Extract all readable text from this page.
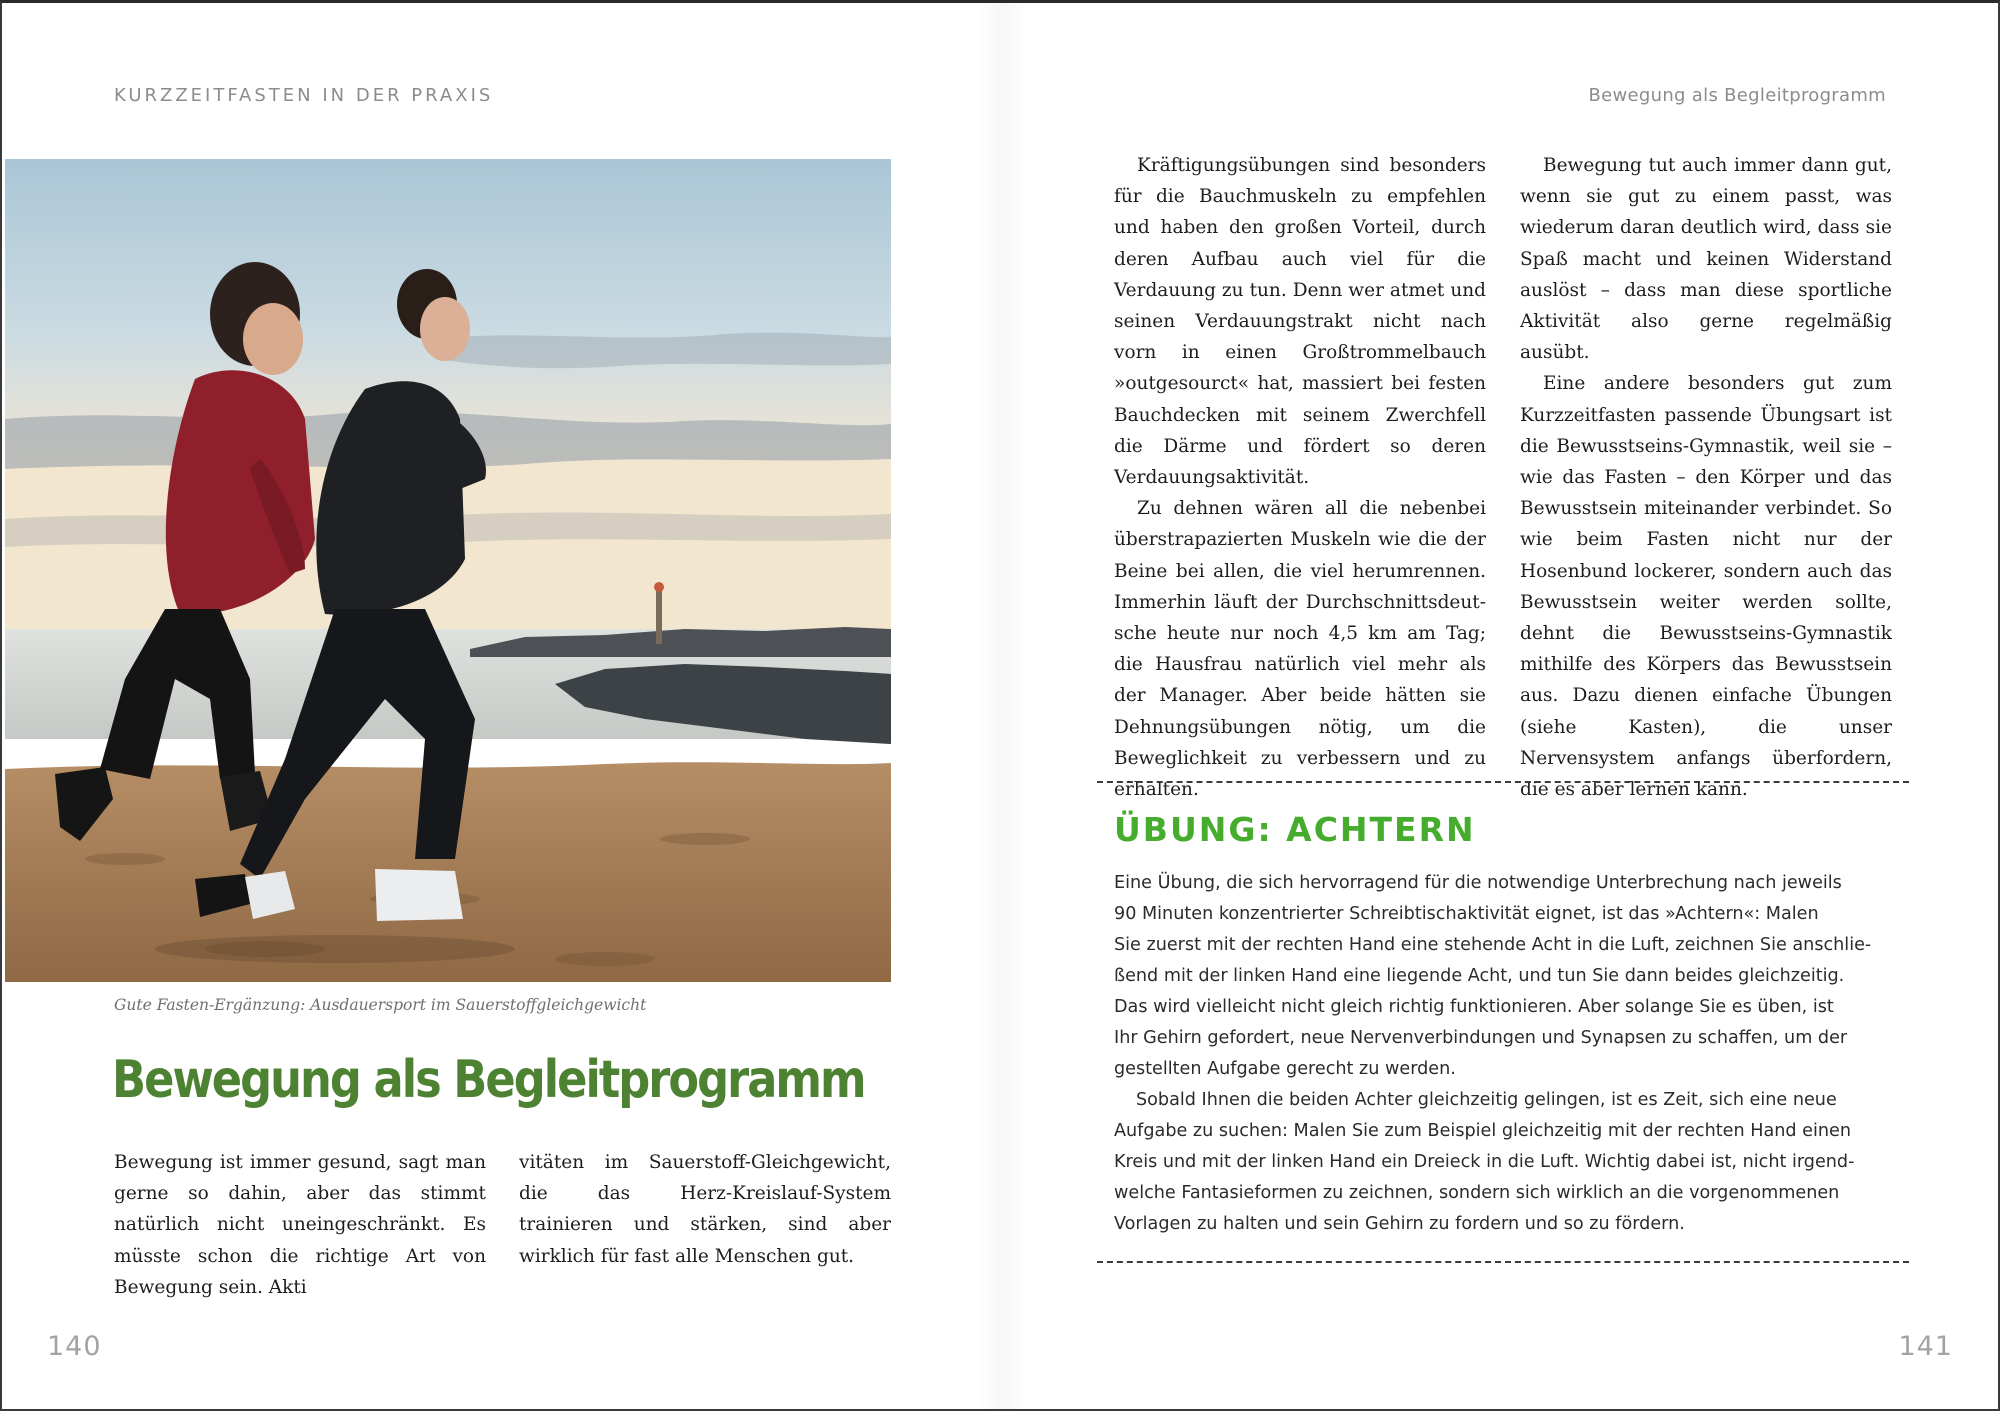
KURZZEITFASTEN IN DER PRAXIS
Gute Fasten-Ergänzung: Ausdauersport im Sauerstoffgleichgewicht
Bewegung als Begleitprogramm

Bewegung ist immer gesund, sagt man gerne so dahin, aber das stimmt natürlich nicht uneingeschränkt. Es müsste schon die richtige Art von Bewegung sein. Akti

vitäten im Sauerstoff-Gleichgewicht, die das Herz-Kreislauf-System trainieren und stärken, sind aber wirklich für fast alle Menschen gut.

140
Bewegung als Begleitprogramm

Kräftigungsübungen sind besonders für die Bauchmuskeln zu empfehlen und haben den großen Vorteil, durch deren Aufbau auch viel für die Verdauung zu tun. Denn wer atmet und seinen Verdauungstrakt nicht nach vorn in einen Großtrommelbauch »outgesourct« hat, massiert bei festen Bauchdecken mit seinem Zwerchfell die Därme und fördert so deren Verdauungsaktivität.

Zu dehnen wären all die nebenbei überstrapazierten Muskeln wie die der Beine bei allen, die viel herumrennen. Immerhin läuft der Durchschnittsdeutsche heute nur noch 4,5 km am Tag; die Hausfrau natürlich viel mehr als der Manager. Aber beide hätten sie Dehnungsübungen nötig, um die Beweglichkeit zu verbessern und zu erhalten.

Bewegung tut auch immer dann gut, wenn sie gut zu einem passt, was wiederum daran deutlich wird, dass sie Spaß macht und keinen Widerstand auslöst – dass man diese sportliche Aktivität also gerne regelmäßig ausübt.

Eine andere besonders gut zum Kurzzeitfasten passende Übungsart ist die Bewusstseins-Gymnastik, weil sie – wie das Fasten – den Körper und das Bewusstsein miteinander verbindet. So wie beim Fasten nicht nur der Hosenbund lockerer, sondern auch das Bewusstsein weiter werden sollte, dehnt die Bewusstseins-Gymnastik mithilfe des Körpers das Bewusstsein aus. Dazu dienen einfache Übungen (siehe Kasten), die unser Nervensystem anfangs überfordern, die es aber lernen kann.

ÜBUNG: ACHTERN

Eine Übung, die sich hervorragend für die notwendige Unterbrechung nach jeweils
90 Minuten konzentrierter Schreibtischaktivität eignet, ist das »Achtern«: Malen
Sie zuerst mit der rechten Hand eine stehende Acht in die Luft, zeichnen Sie anschlie-
ßend mit der linken Hand eine liegende Acht, und tun Sie dann beides gleichzeitig.
Das wird vielleicht nicht gleich richtig funktionieren. Aber solange Sie es üben, ist
Ihr Gehirn gefordert, neue Nervenverbindungen und Synapsen zu schaffen, um der
gestellten Aufgabe gerecht zu werden.

Sobald Ihnen die beiden Achter gleichzeitig gelingen, ist es Zeit, sich eine neue
Aufgabe zu suchen: Malen Sie zum Beispiel gleichzeitig mit der rechten Hand einen
Kreis und mit der linken Hand ein Dreieck in die Luft. Wichtig dabei ist, nicht irgend-
welche Fantasieformen zu zeichnen, sondern sich wirklich an die vorgenommenen
Vorlagen zu halten und sein Gehirn zu fordern und so zu fördern.

141
